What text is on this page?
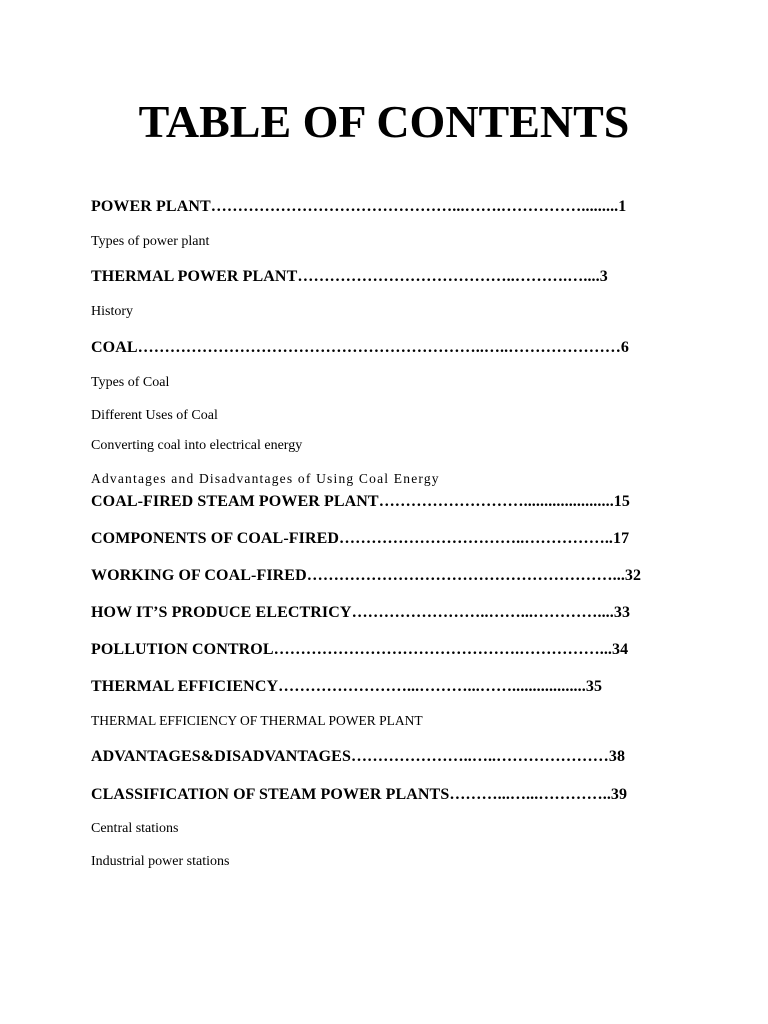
TABLE OF CONTENTS
POWER PLANT………………………………………...…….…………….........1
Types of power plant
THERMAL POWER PLANT…………………………………..……….…....3
History
COAL………………………………………………………..…..…………………6
Types of Coal
Different Uses of Coal
Converting coal into electrical energy
Advantages and Disadvantages of Using Coal Energy
COAL-FIRED STEAM POWER PLANT………………………......................15
COMPONENTS OF COAL-FIRED……………………………..……………..17
WORKING OF COAL-FIRED…………………………………………………...32
HOW IT’S PRODUCE ELECTRICY……………………..……...…………....33
POLLUTION CONTROL……………………………………….……………...34
THERMAL EFFICIENCY……………………...………...……..................35
THERMAL EFFICIENCY OF THERMAL POWER PLANT
ADVANTAGES&DISADVANTAGES…………………..…..…………………38
CLASSIFICATION OF STEAM POWER PLANTS………...…...…………..39
Central stations
Industrial power stations
